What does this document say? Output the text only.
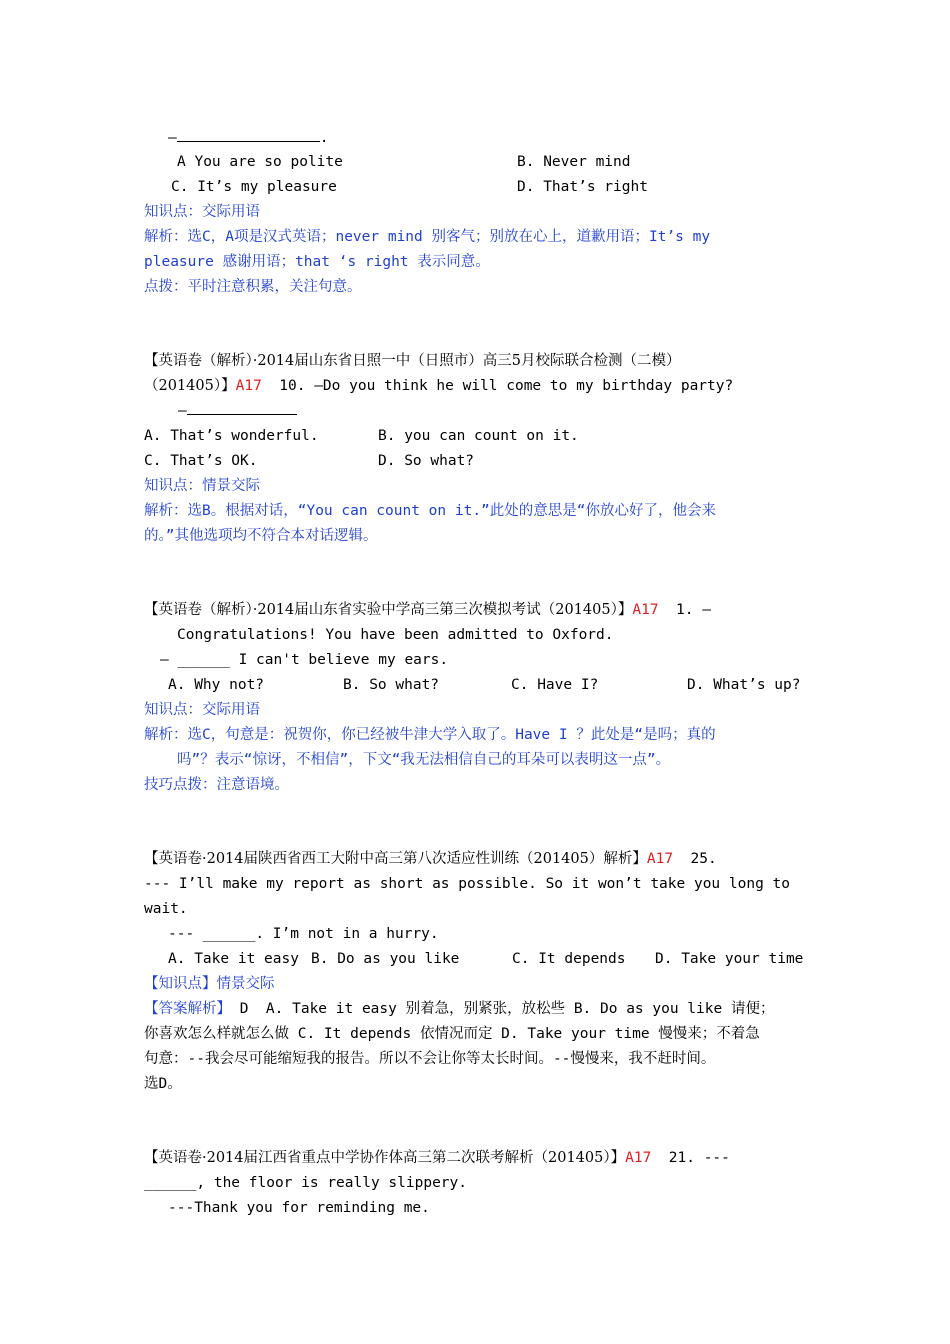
—	.
A You are so polite	B. Never mind
C. It’s my pleasure	D. That’s right
知识点：交际用语
解析：选C，A项是汉式英语；never mind 别客气；别放在心上，道歉用语；It’s my
pleasure 感谢用语；that ‘s right 表示同意。
点拨：平时注意积累，关注句意。
【英语卷（解析）·2014届山东省日照一中（日照市）高三5月校际联合检测（二模）
（201405）】A17  10. —Do you think he will come to my birthday party?
—
A. That’s wonderful.	B. you can count on it.
C. That’s OK.	D. So what?
知识点：情景交际
解析：选B。根据对话，“You can count on it.”此处的意思是“你放心好了，他会来
的。”其他选项均不符合本对话逻辑。
【英语卷（解析）·2014届山东省实验中学高三第三次模拟考试（201405）】A17  1. —
Congratulations! You have been admitted to Oxford.
— ______ I can't believe my ears.
A. Why not?	B. So what?	C. Have I?	D. What’s up?
知识点：交际用语
解析：选C，句意是：祝贺你，你已经被牛津大学入取了。Have I ？此处是“是吗；真的
吗”？表示“惊讶，不相信”，下文“我无法相信自己的耳朵可以表明这一点”。
技巧点拨：注意语境。
【英语卷·2014届陕西省西工大附中高三第八次适应性训练（201405）解析】A17  25.
--- I’ll make my report as short as possible. So it won’t take you long to
wait.
--- ______. I’m not in a hurry.
A. Take it easy B. Do as you like	C. It depends D. Take your time
【知识点】情景交际
【答案解析】 D  A. Take it easy 别着急，别紧张，放松些 B. Do as you like 请便；
你喜欢怎么样就怎么做 C. It depends 依情况而定 D. Take your time 慢慢来；不着急
句意：--我会尽可能缩短我的报告。所以不会让你等太长时间。--慢慢来，我不赶时间。
选D。
【英语卷·2014届江西省重点中学协作体高三第二次联考解析（201405）】A17  21. ---
______, the floor is really slippery.
---Thank you for reminding me.
